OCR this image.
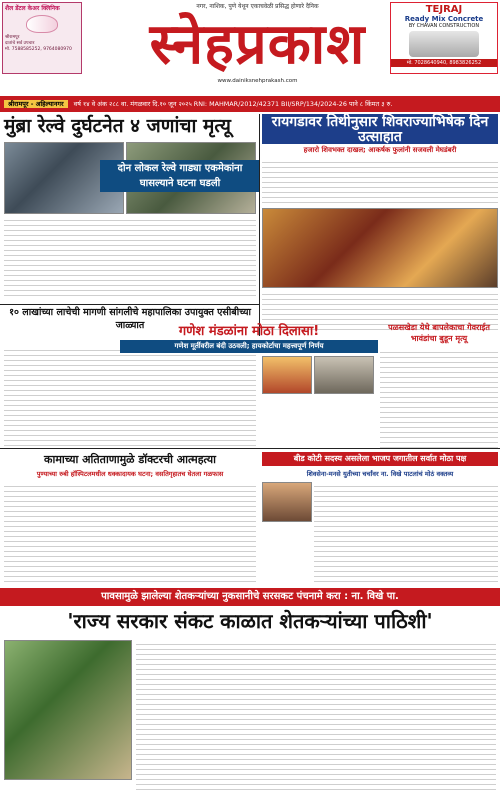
शैल डेंटल केअर क्लिनिक
श्रीरामपूर
दातांचे सर्व उपचार
मो. 7588585252, 9764080970
नगर, नाशिक, पुणे येथून एकाचवेळी प्रसिद्ध होणारे दैनिक
स्नेहप्रकाश
www.dainiksnehprakash.com
TEJRAJ
Ready Mix Concrete
BY CHAVAN CONSTRUCTION
मो. 7028640940, 8983826252
श्रीरामपूर - अहिल्यानगर वर्ष १४ वे अंक २८८ वा. मंगळवार दि.१० जून २०२५ RNI: MAHMAR/2012/42371 BII/SRP/134/2024-26 पाने ८ किंमत ३ रु.
मुंब्रा रेल्वे दुर्घटनेत ४ जणांचा मृत्यू
दोन लोकल रेल्वे गाड्या एकमेकांना घासल्याने घटना घडली
रायगडावर तिथीनुसार शिवराज्याभिषेक दिन उत्साहात
हजारो शिवभक्त दाखल; आकर्षक फुलांनी सजवली मेघडंबरी
१० लाखांच्या लाचेची मागणी सांगलीचे महापालिका उपायुक्त एसीबीच्या जाळ्यात	गणेश मंडळांना मोठा दिलासा!
गणेश मूर्तीवरील बंदी उठवली; हायकोर्टाचा महत्त्वपूर्ण निर्णय
पळसखेडा येथे बापलेकाचा गेवराईत भावंडांचा बुडून मृत्यू
कामाच्या अतिताणामुळे डॉक्टरची आत्महत्या
पुण्याच्या रुबी हॉस्पिटलमधील धक्कादायक घटना; वसतिगृहातच घेतला गळफास
बीड कोटी सदस्य असलेला भाजप जगातील सर्वात मोठा पक्ष
शिवसेना-मनसे युतीच्या चर्चांवर ना. विखे पाटलांचं मोठं वक्तव्य
पावसामुळे झालेल्या शेतकऱ्यांच्या नुकसानीचे सरसकट पंचनामे करा : ना. विखे पा.
'राज्य सरकार संकट काळात शेतकऱ्यांच्या पाठिशी'
